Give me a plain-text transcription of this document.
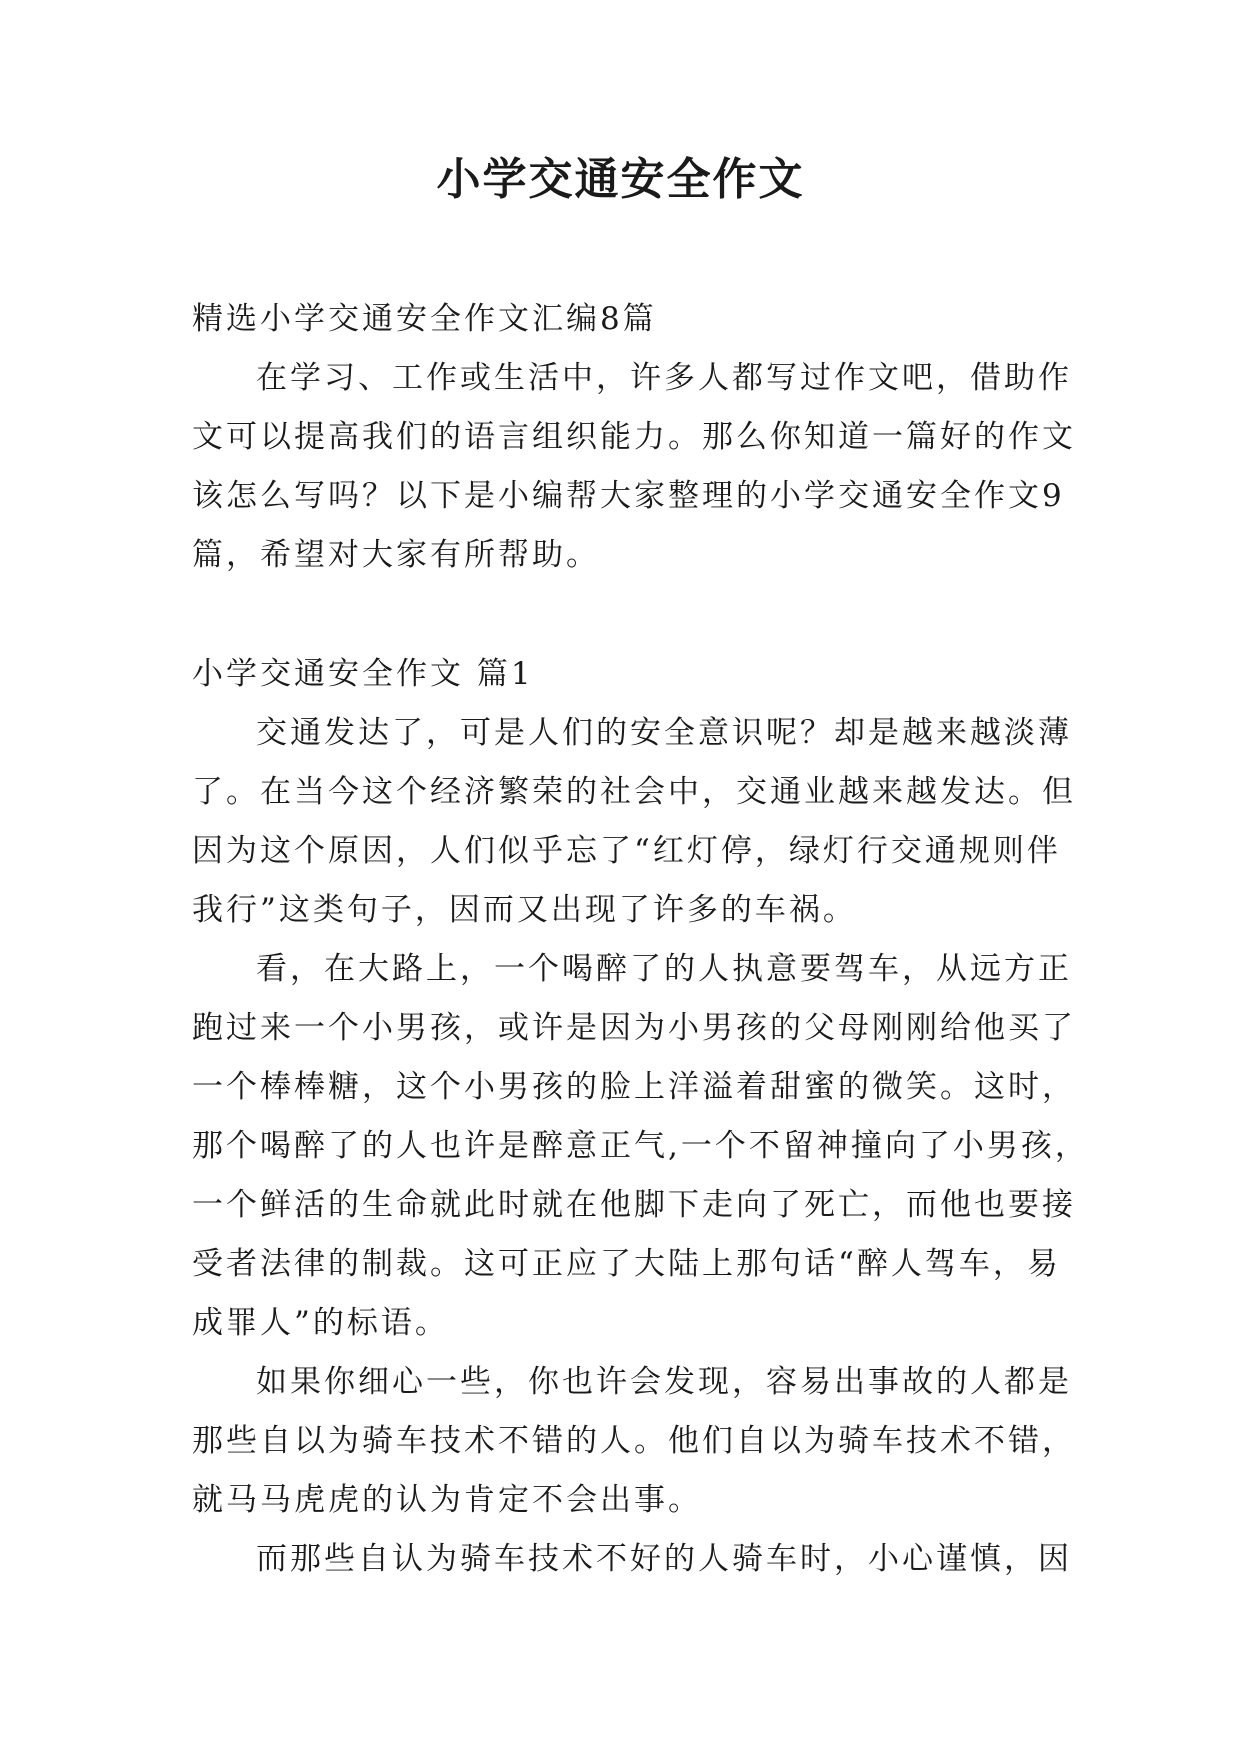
小学交通安全作文
精选小学交通安全作文汇编8篇
在学习、工作或生活中，许多人都写过作文吧，借助作
文可以提高我们的语言组织能力。那么你知道一篇好的作文
该怎么写吗？以下是小编帮大家整理的小学交通安全作文9
篇，希望对大家有所帮助。
小学交通安全作文 篇1
交通发达了，可是人们的安全意识呢？却是越来越淡薄
了。在当今这个经济繁荣的社会中，交通业越来越发达。但
因为这个原因，人们似乎忘了“红灯停，绿灯行交通规则伴
我行”这类句子，因而又出现了许多的车祸。
看，在大路上，一个喝醉了的人执意要驾车，从远方正
跑过来一个小男孩，或许是因为小男孩的父母刚刚给他买了
一个棒棒糖，这个小男孩的脸上洋溢着甜蜜的微笑。这时，
那个喝醉了的人也许是醉意正气,一个不留神撞向了小男孩，
一个鲜活的生命就此时就在他脚下走向了死亡，而他也要接
受者法律的制裁。这可正应了大陆上那句话“醉人驾车，易
成罪人”的标语。
如果你细心一些，你也许会发现，容易出事故的人都是
那些自以为骑车技术不错的人。他们自以为骑车技术不错，
就马马虎虎的认为肯定不会出事。
而那些自认为骑车技术不好的人骑车时，小心谨慎，因
